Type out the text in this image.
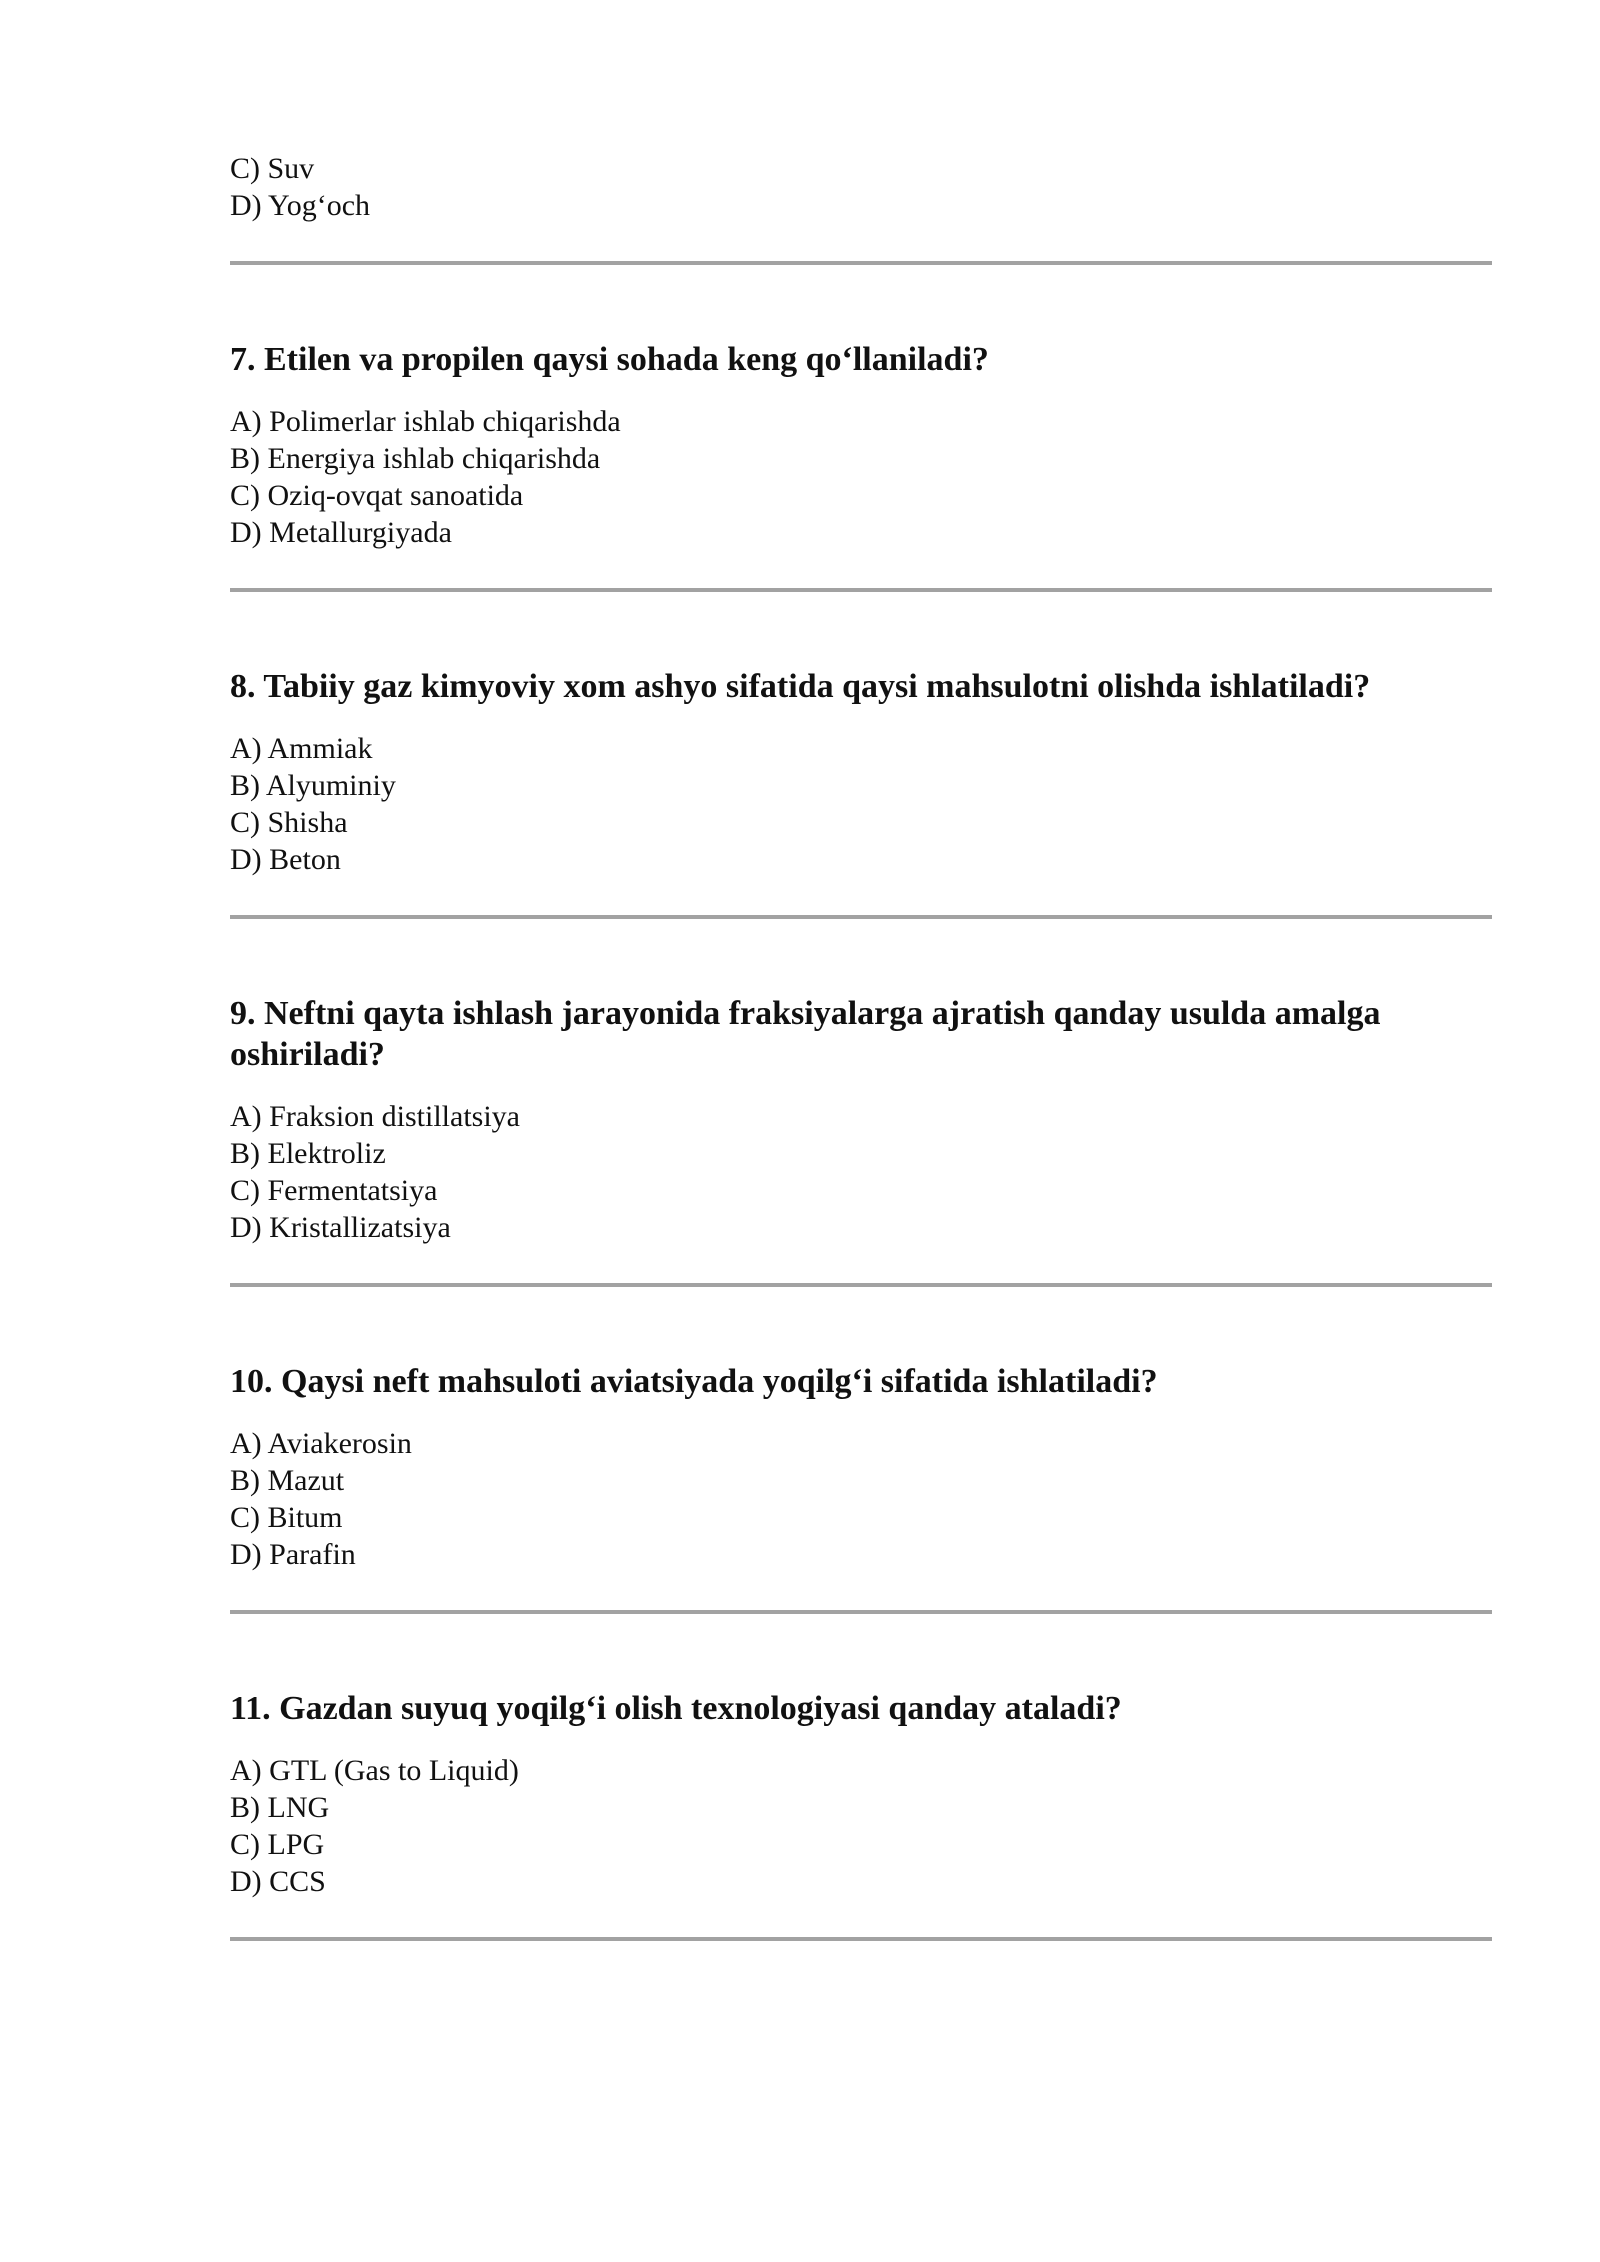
C) Suv

D) Yog‘och

7. Etilen va propilen qaysi sohada keng qo‘llaniladi?

A) Polimerlar ishlab chiqarishda

B) Energiya ishlab chiqarishda

C) Oziq-ovqat sanoatida

D) Metallurgiyada

8. Tabiiy gaz kimyoviy xom ashyo sifatida qaysi mahsulotni olishda ishlatiladi?

A) Ammiak

B) Alyuminiy

C) Shisha

D) Beton

9. Neftni qayta ishlash jarayonida fraksiyalarga ajratish qanday usulda amalga oshiriladi?

A) Fraksion distillatsiya

B) Elektroliz

C) Fermentatsiya

D) Kristallizatsiya

10. Qaysi neft mahsuloti aviatsiyada yoqilg‘i sifatida ishlatiladi?

A) Aviakerosin

B) Mazut

C) Bitum

D) Parafin

11. Gazdan suyuq yoqilg‘i olish texnologiyasi qanday ataladi?

A) GTL (Gas to Liquid)

B) LNG

C) LPG

D) CCS
